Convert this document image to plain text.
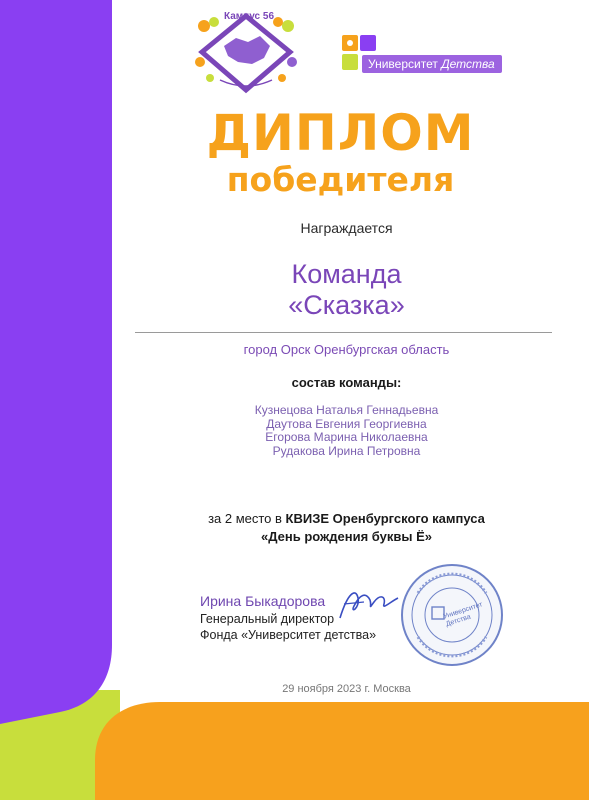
Кампус 56
Университет Детства
ДИПЛОМ
победителя
Награждается
Команда
«Сказка»
город Орск Оренбургская область
состав команды:
Кузнецова Наталья Геннадьевна
Даутова Евгения Георгиевна
Егорова Марина Николаевна
Рудакова Ирина Петровна
за 2 место в КВИЗЕ Оренбургского кампуса
«День рождения буквы Ё»
Ирина Быкадорова
Генеральный директор
Фонда «Университет детства»
Университет Детства
29 ноября 2023 г. Москва
